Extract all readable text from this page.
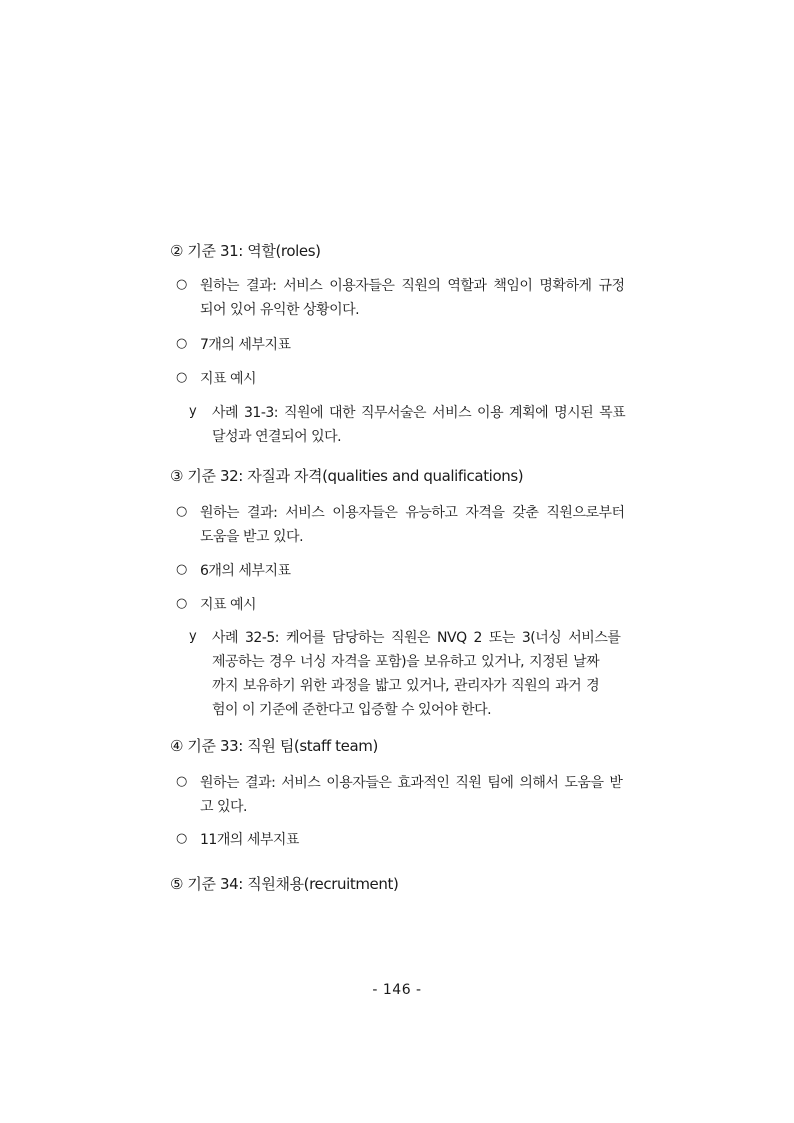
② 기준 31: 역할(roles)
○ 원하는 결과: 서비스 이용자들은 직원의 역할과 책임이 명확하게 규정
되어 있어 유익한 상황이다.
○ 7개의 세부지표
○ 지표 예시
y 사례 31-3: 직원에 대한 직무서술은 서비스 이용 계획에 명시된 목표
달성과 연결되어 있다.
③ 기준 32: 자질과 자격(qualities and qualifications)
○ 원하는 결과: 서비스 이용자들은 유능하고 자격을 갖춘 직원으로부터
도움을 받고 있다.
○ 6개의 세부지표
○ 지표 예시
y 사례 32-5: 케어를 담당하는 직원은 NVQ 2 또는 3(너싱 서비스를
제공하는 경우 너싱 자격을 포함)을 보유하고 있거나, 지정된 날짜
까지 보유하기 위한 과정을 밟고 있거나, 관리자가 직원의 과거 경
험이 이 기준에 준한다고 입증할 수 있어야 한다.
④ 기준 33: 직원 팀(staff team)
○ 원하는 결과: 서비스 이용자들은 효과적인 직원 팀에 의해서 도움을 받
고 있다.
○ 11개의 세부지표
⑤ 기준 34: 직원채용(recruitment)
- 146 -
